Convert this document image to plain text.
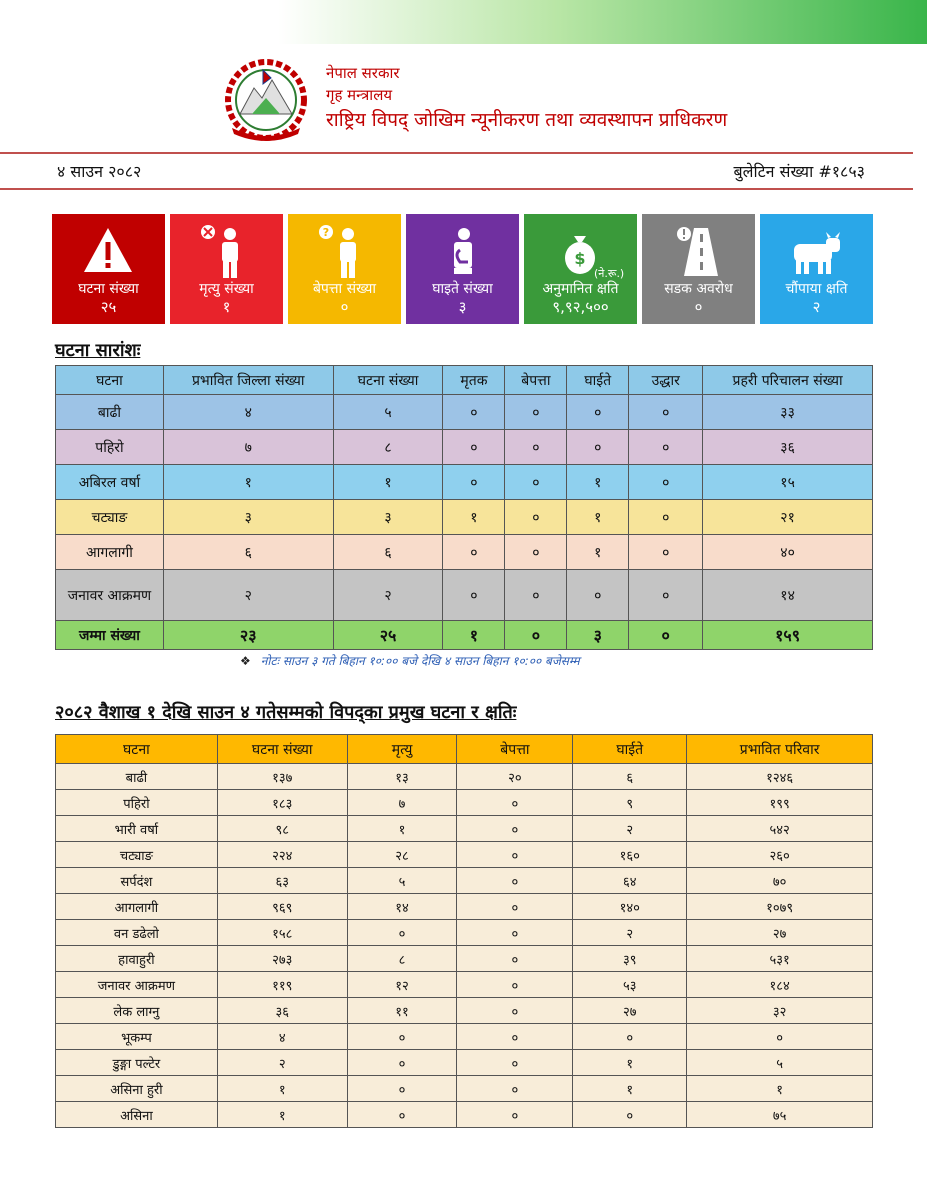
नेपाल सरकार
गृह मन्त्रालय
राष्ट्रिय विपद् जोखिम न्यूनीकरण तथा व्यवस्थापन प्राधिकरण
४ साउन २०८२	बुलेटिन संख्या #१८५३
घटना संख्या
२५
मृत्यु संख्या
१
?
बेपत्ता संख्या
०
घाइते संख्या
३
$
(ने.रू.)
अनुमानित क्षति
९,९२,५००
सडक अवरोध
०
चौंपाया क्षति
२
घटना सारांशः
घटना	प्रभावित जिल्ला संख्या	घटना संख्या	मृतक	बेपत्ता	घाईते	उद्धार	प्रहरी परिचालन संख्या
बाढी	४	५	०	०	०	०	३३
पहिरो	७	८	०	०	०	०	३६
अबिरल वर्षा	१	१	०	०	१	०	१५
चट्याङ	३	३	१	०	१	०	२१
आगलागी	६	६	०	०	१	०	४०
जनावर आक्रमण	२	२	०	०	०	०	१४
जम्मा संख्या	२३	२५	१	०	३	०	१५९
❖ नोटः साउन ३ गते बिहान १०:०० बजे देखि ४ साउन बिहान १०:०० बजेसम्म
२०८२ वैशाख १ देखि साउन ४ गतेसम्मको विपद्का प्रमुख घटना र क्षतिः
घटना	घटना संख्या	मृत्यु	बेपत्ता	घाईते	प्रभावित परिवार
बाढी	१३७	१३	२०	६	१२४६
पहिरो	१८३	७	०	९	१९९
भारी वर्षा	९८	१	०	२	५४२
चट्याङ	२२४	२८	०	१६०	२६०
सर्पदंश	६३	५	०	६४	७०
आगलागी	९६९	१४	०	१४०	१०७९
वन डढेलो	१५८	०	०	२	२७
हावाहुरी	२७३	८	०	३९	५३१
जनावर आक्रमण	११९	१२	०	५३	१८४
लेक लाग्नु	३६	११	०	२७	३२
भूकम्प	४	०	०	०	०
डुङ्गा पल्टेर	२	०	०	१	५
असिना हुरी	१	०	०	१	१
असिना	१	०	०	०	७५
